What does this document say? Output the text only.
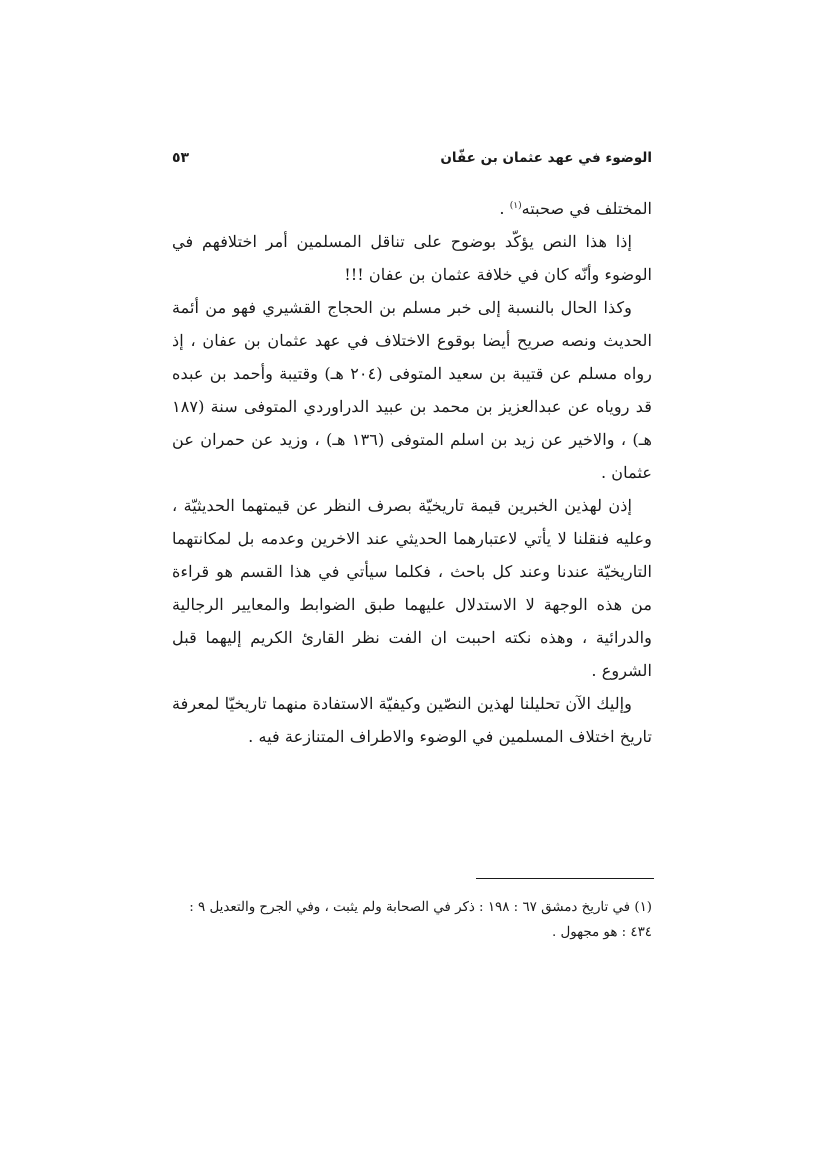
الوضوء في عهد عثمان بن عفّان
٥٣

المختلف في صحبته$^{(١)}$ .

إذا هذا النص يؤكّد بوضوح على تناقل المسلمين أمر اختلافهم في الوضوء وأنّه كان في خلافة عثمان بن عفان !!!

وكذا الحال بالنسبة إلى خبر مسلم بن الحجاج القشيري فهو من أئمة الحديث ونصه صريح أيضا بوقوع الاختلاف في عهد عثمان بن عفان ، إذ رواه مسلم عن قتيبة بن سعيد المتوفى (٢٠٤ هـ) وقتيبة وأحمد بن عبده قد روياه عن عبدالعزيز بن محمد بن عبيد الدراوردي المتوفى سنة (١٨٧ هـ) ، والاخير عن زيد بن اسلم المتوفى (١٣٦ هـ) ، وزيد عن حمران عن عثمان .

إذن لهذين الخبرين قيمة تاريخيّة بصرف النظر عن قيمتهما الحديثيّة ، وعليه فنقلنا لا يأتي لاعتبارهما الحديثي عند الاخرين وعدمه بل لمكانتهما التاريخيّة عندنا وعند كل باحث ، فكلما سيأتي في هذا القسم هو قراءة من هذه الوجهة لا الاستدلال عليهما طبق الضوابط والمعايير الرجالية والدرائية ، وهذه نكته احببت ان الفت نظر القارئ الكريم إليهما قبل الشروع .

وإليك الآن تحليلنا لهذين النصّين وكيفيّة الاستفادة منهما تاريخيّا لمعرفة تاريخ اختلاف المسلمين في الوضوء والاطراف المتنازعة فيه .

(١) في تاريخ دمشق ٦٧ : ١٩٨ : ذكر في الصحابة ولم يثبت ، وفي الجرح والتعديل ٩ : ٤٣٤ : هو مجهول .
